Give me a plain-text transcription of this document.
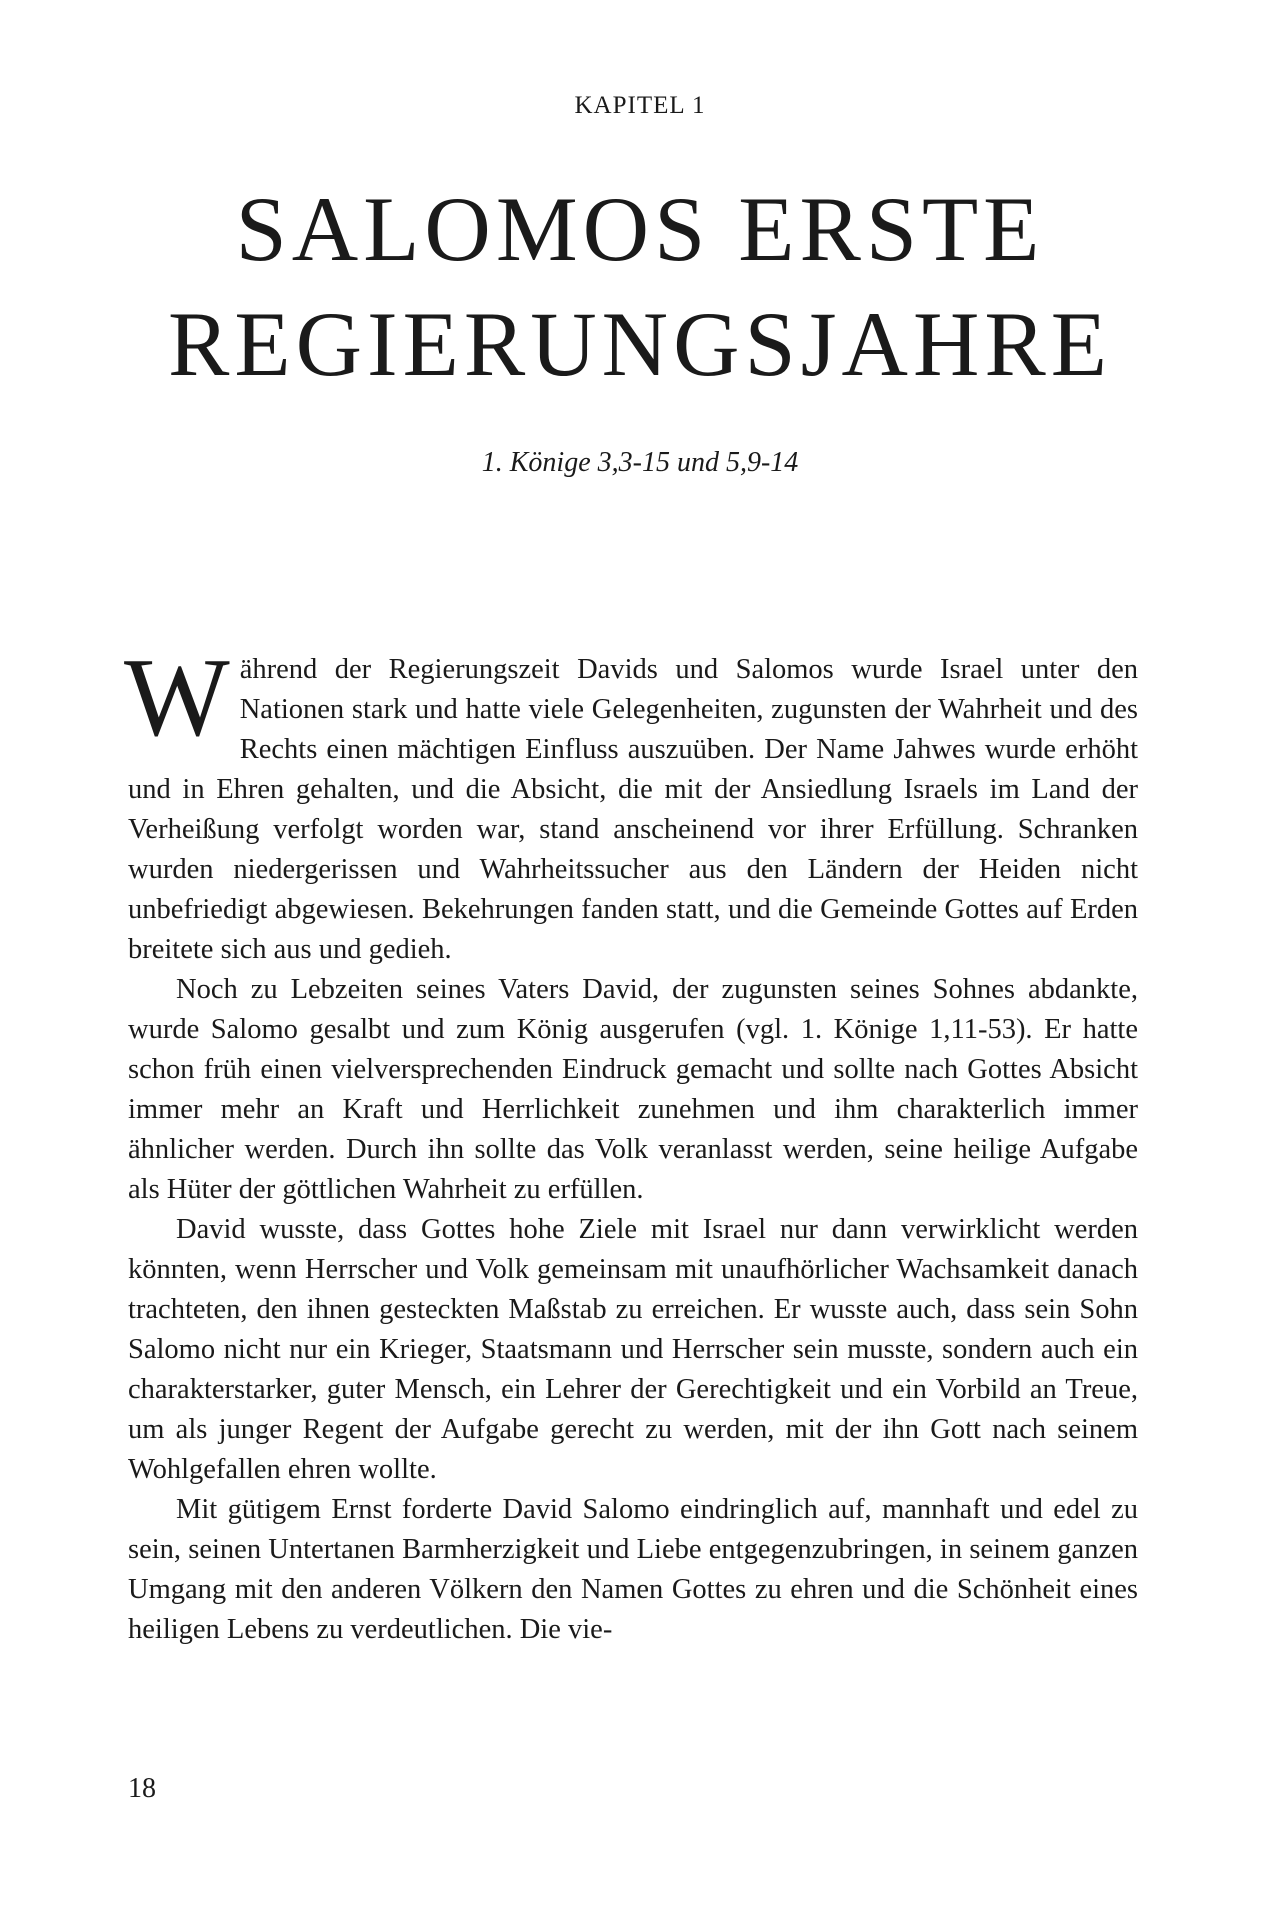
KAPITEL 1
SALOMOS ERSTE
REGIERUNGSJAHRE
1. Könige 3,3-15 und 5,9-14

Während der Regierungszeit Davids und Salomos wurde Israel unter den Nationen stark und hatte viele Gelegenheiten, zugunsten der Wahrheit und des Rechts einen mächtigen Einfluss auszuüben. Der Name Jahwes wurde erhöht und in Ehren gehalten, und die Absicht, die mit der Ansiedlung Israels im Land der Verheißung verfolgt worden war, stand anscheinend vor ihrer Erfüllung. Schranken wurden niedergerissen und Wahrheitssucher aus den Ländern der Heiden nicht unbefriedigt abgewiesen. Bekehrungen fanden statt, und die Gemeinde Gottes auf Erden breitete sich aus und gedieh.

Noch zu Lebzeiten seines Vaters David, der zugunsten seines Sohnes abdankte, wurde Salomo gesalbt und zum König ausgerufen (vgl. 1. Könige 1,11-53). Er hatte schon früh einen vielversprechenden Eindruck gemacht und sollte nach Gottes Absicht immer mehr an Kraft und Herrlichkeit zunehmen und ihm charakterlich immer ähnlicher werden. Durch ihn sollte das Volk veranlasst werden, seine heilige Aufgabe als Hüter der göttlichen Wahrheit zu erfüllen.

David wusste, dass Gottes hohe Ziele mit Israel nur dann verwirklicht werden könnten, wenn Herrscher und Volk gemeinsam mit unaufhörlicher Wachsamkeit danach trachteten, den ihnen gesteckten Maßstab zu erreichen. Er wusste auch, dass sein Sohn Salomo nicht nur ein Krieger, Staatsmann und Herrscher sein musste, sondern auch ein charakterstarker, guter Mensch, ein Lehrer der Gerechtigkeit und ein Vorbild an Treue, um als junger Regent der Aufgabe gerecht zu werden, mit der ihn Gott nach seinem Wohlgefallen ehren wollte.

Mit gütigem Ernst forderte David Salomo eindringlich auf, mannhaft und edel zu sein, seinen Untertanen Barmherzigkeit und Liebe entgegenzubringen, in seinem ganzen Umgang mit den anderen Völkern den Namen Gottes zu ehren und die Schönheit eines heiligen Lebens zu verdeutlichen. Die vie-

18
